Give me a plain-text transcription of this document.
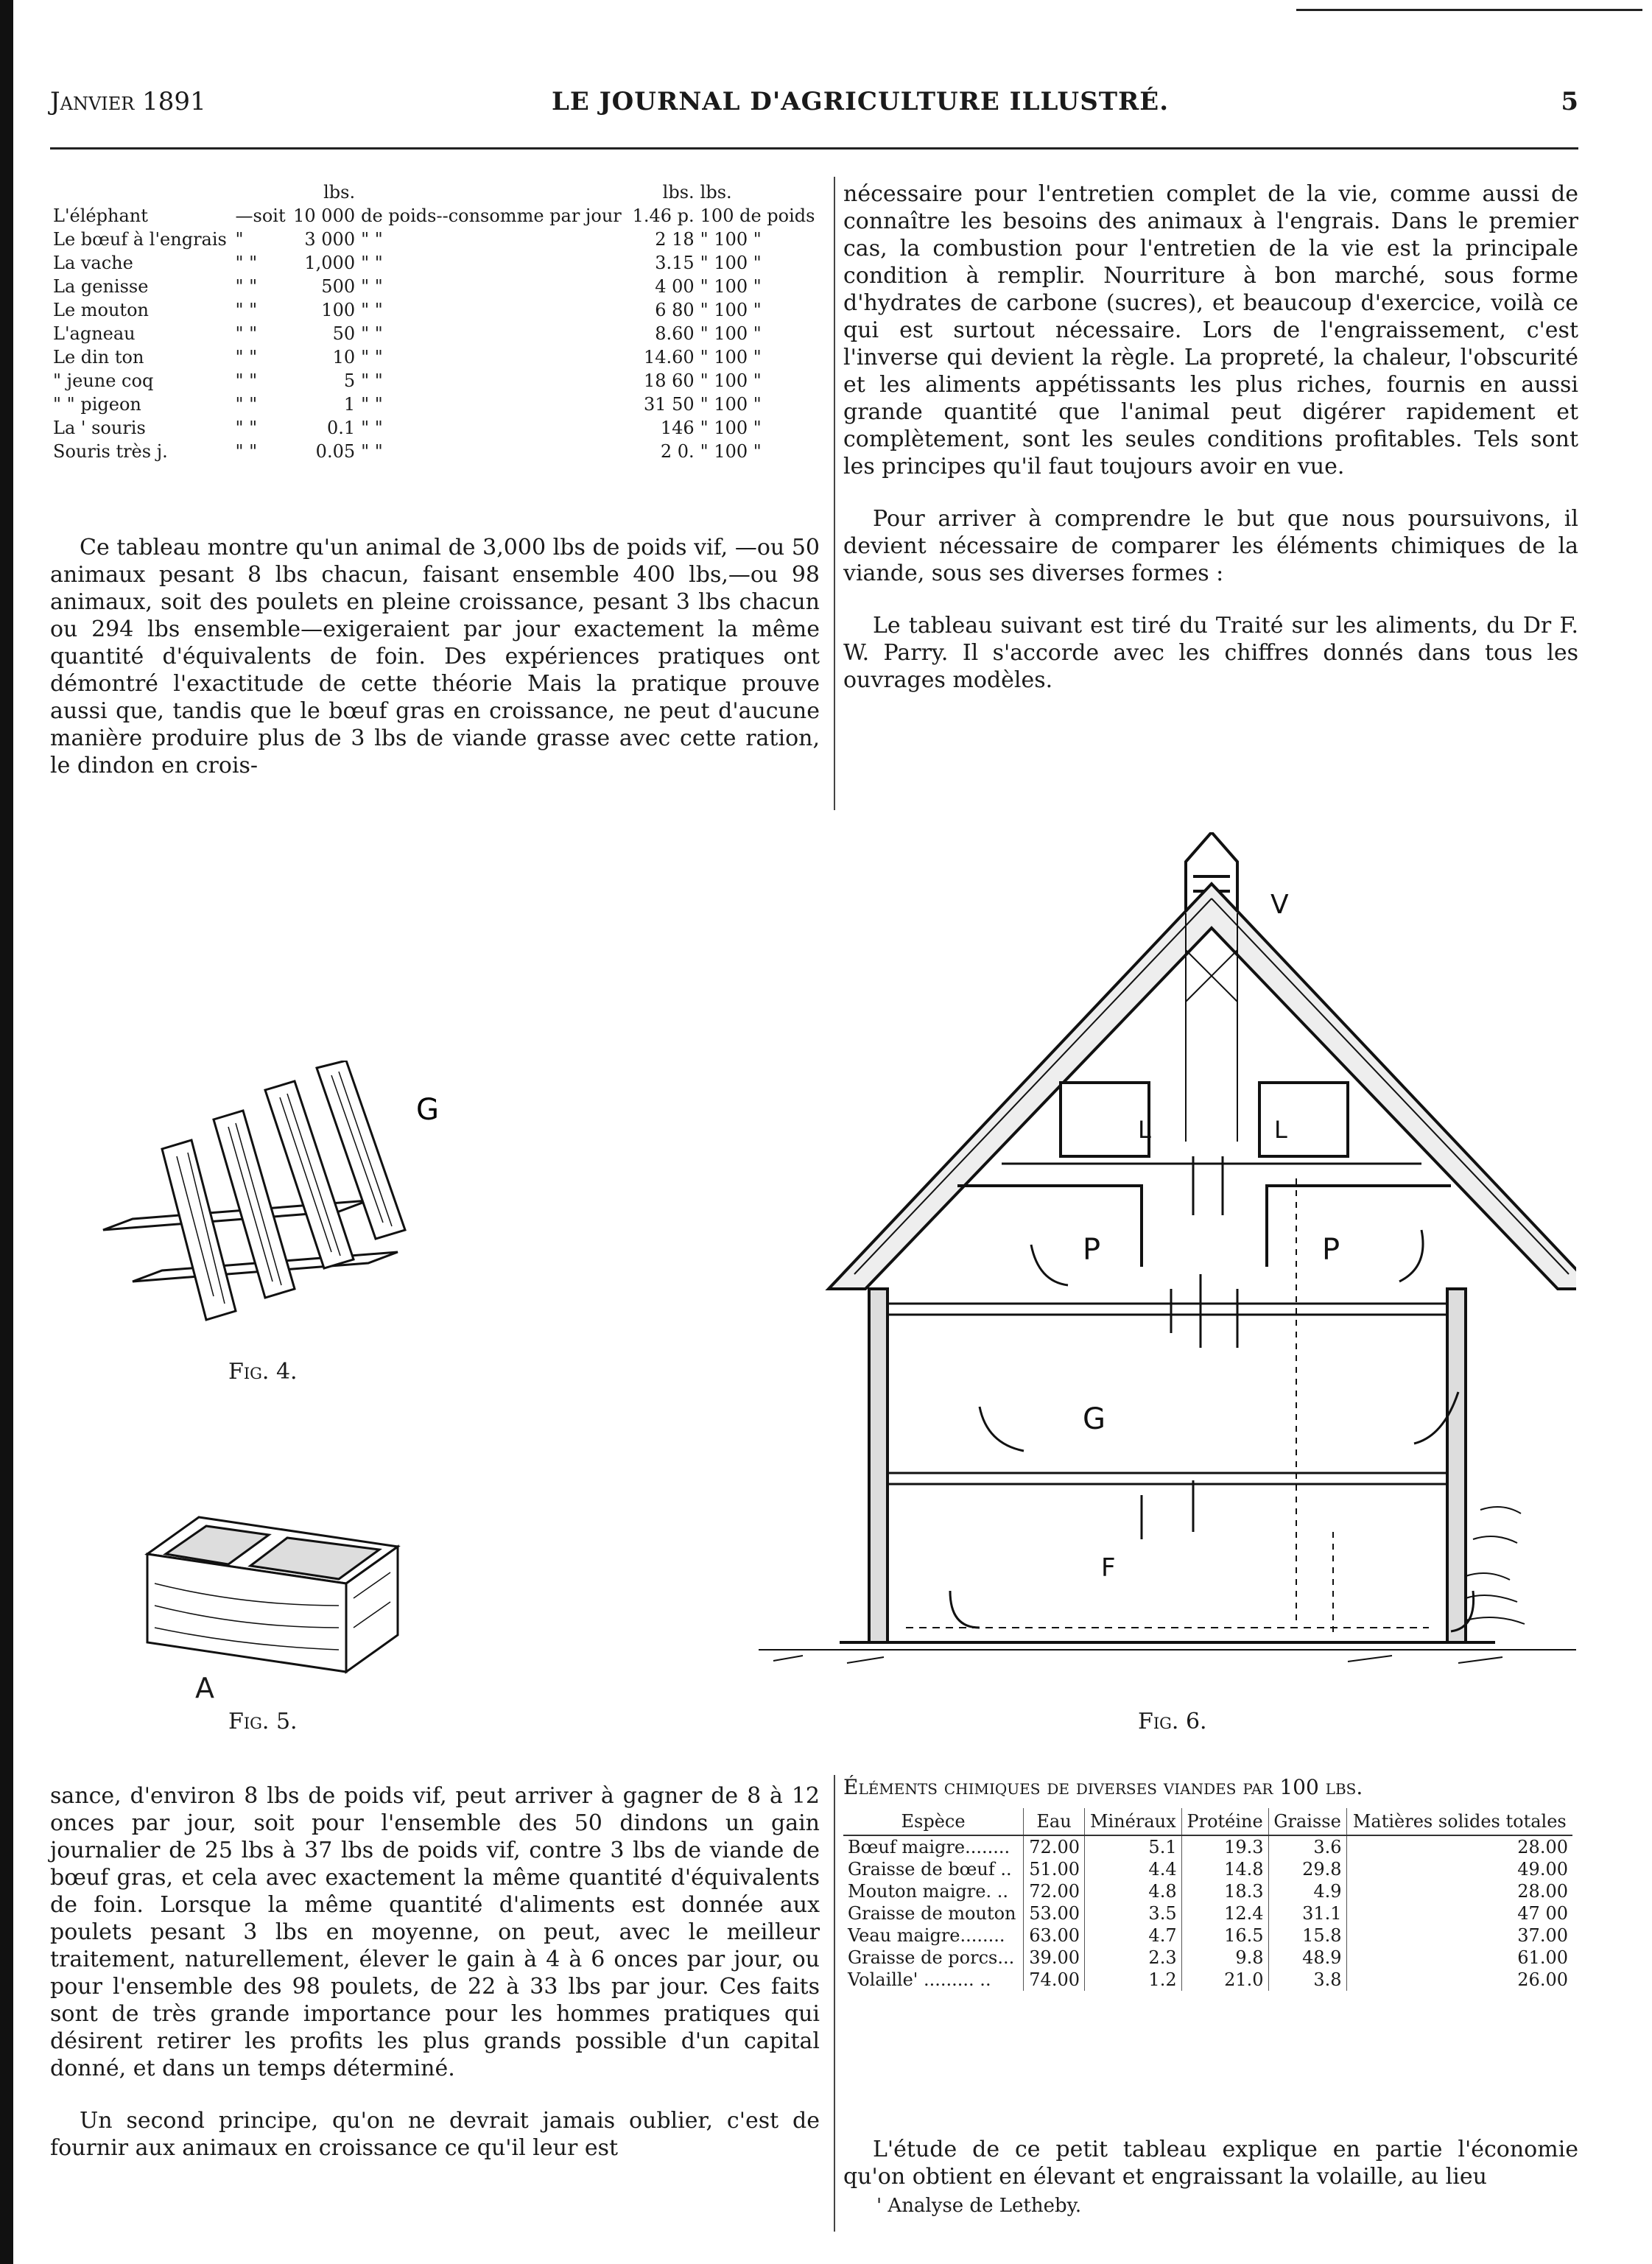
Janvier 1891	LE JOURNAL D'AGRICULTURE ILLUSTRÉ.	5
		lbs.		lbs.	lbs.
L'éléphant	—soit	10 000	de poids--consomme par jour	1.46 p.	100 de poids
Le bœuf à l'engrais	"	3 000	" "	2 18	" 100 "
La vache	" "	1,000	" "	3.15	" 100 "
La genisse	" "	500	" "	4 00	" 100 "
Le mouton	" "	100	" "	6 80	" 100 "
L'agneau	" "	50	" "	8.60	" 100 "
Le din ton	" "	10	" "	14.60	" 100 "
" jeune coq	" "	5	" "	18 60	" 100 "
" " pigeon	" "	1	" "	31 50	" 100 "
La ' souris	" "	0.1	" "	146	" 100 "
Souris très j.	" "	0.05	" "	2 0.	" 100 "

Ce tableau montre qu'un animal de 3,000 lbs de poids vif, —ou 50 animaux pesant 8 lbs chacun, faisant ensemble 400 lbs,—ou 98 animaux, soit des poulets en pleine croissance, pesant 3 lbs chacun ou 294 lbs ensemble—exigeraient par jour exactement la même quantité d'équivalents de foin. Des expériences pratiques ont démontré l'exactitude de cette théorie Mais la pratique prouve aussi que, tandis que le bœuf gras en croissance, ne peut d'aucune manière produire plus de 3 lbs de viande grasse avec cette ration, le dindon en crois-

nécessaire pour l'entretien complet de la vie, comme aussi de connaître les besoins des animaux à l'engrais. Dans le premier cas, la combustion pour l'entretien de la vie est la principale condition à remplir. Nourriture à bon marché, sous forme d'hydrates de carbone (sucres), et beaucoup d'exercice, voilà ce qui est surtout nécessaire. Lors de l'engraissement, c'est l'inverse qui devient la règle. La propreté, la chaleur, l'obscurité et les aliments appétissants les plus riches, fournis en aussi grande quantité que l'animal peut digérer rapidement et complètement, sont les seules conditions profitables. Tels sont les principes qu'il faut toujours avoir en vue.

Pour arriver à comprendre le but que nous poursuivons, il devient nécessaire de comparer les éléments chimiques de la viande, sous ses diverses formes :

Le tableau suivant est tiré du Traité sur les aliments, du Dr F. W. Parry. Il s'accorde avec les chiffres donnés dans tous les ouvrages modèles.

G
Fig. 4.
A
Fig. 5.
V
L	L
P	P
G
F
Fig. 6.

sance, d'environ 8 lbs de poids vif, peut arriver à gagner de 8 à 12 onces par jour, soit pour l'ensemble des 50 dindons un gain journalier de 25 lbs à 37 lbs de poids vif, contre 3 lbs de viande de bœuf gras, et cela avec exactement la même quantité d'équivalents de foin. Lorsque la même quantité d'aliments est donnée aux poulets pesant 3 lbs en moyenne, on peut, avec le meilleur traitement, naturellement, élever le gain à 4 à 6 onces par jour, ou pour l'ensemble des 98 poulets, de 22 à 33 lbs par jour. Ces faits sont de très grande importance pour les hommes pratiques qui désirent retirer les profits les plus grands possible d'un capital donné, et dans un temps déterminé.

Un second principe, qu'on ne devrait jamais oublier, c'est de fournir aux animaux en croissance ce qu'il leur est

Éléments chimiques de diverses viandes par 100 lbs.
Espèce	Eau	Minéraux	Protéine	Graisse	Matières solides totales
Bœuf maigre........	72.00	5.1	19.3	3.6	28.00
Graisse de bœuf ..	51.00	4.4	14.8	29.8	49.00
Mouton maigre. ..	72.00	4.8	18.3	4.9	28.00
Graisse de mouton	53.00	3.5	12.4	31.1	47 00
Veau maigre........	63.00	4.7	16.5	15.8	37.00
Graisse de porcs...	39.00	2.3	9.8	48.9	61.00
Volaille' ......... ..	74.00	1.2	21.0	3.8	26.00

L'étude de ce petit tableau explique en partie l'économie qu'on obtient en élevant et engraissant la volaille, au lieu

' Analyse de Letheby.
